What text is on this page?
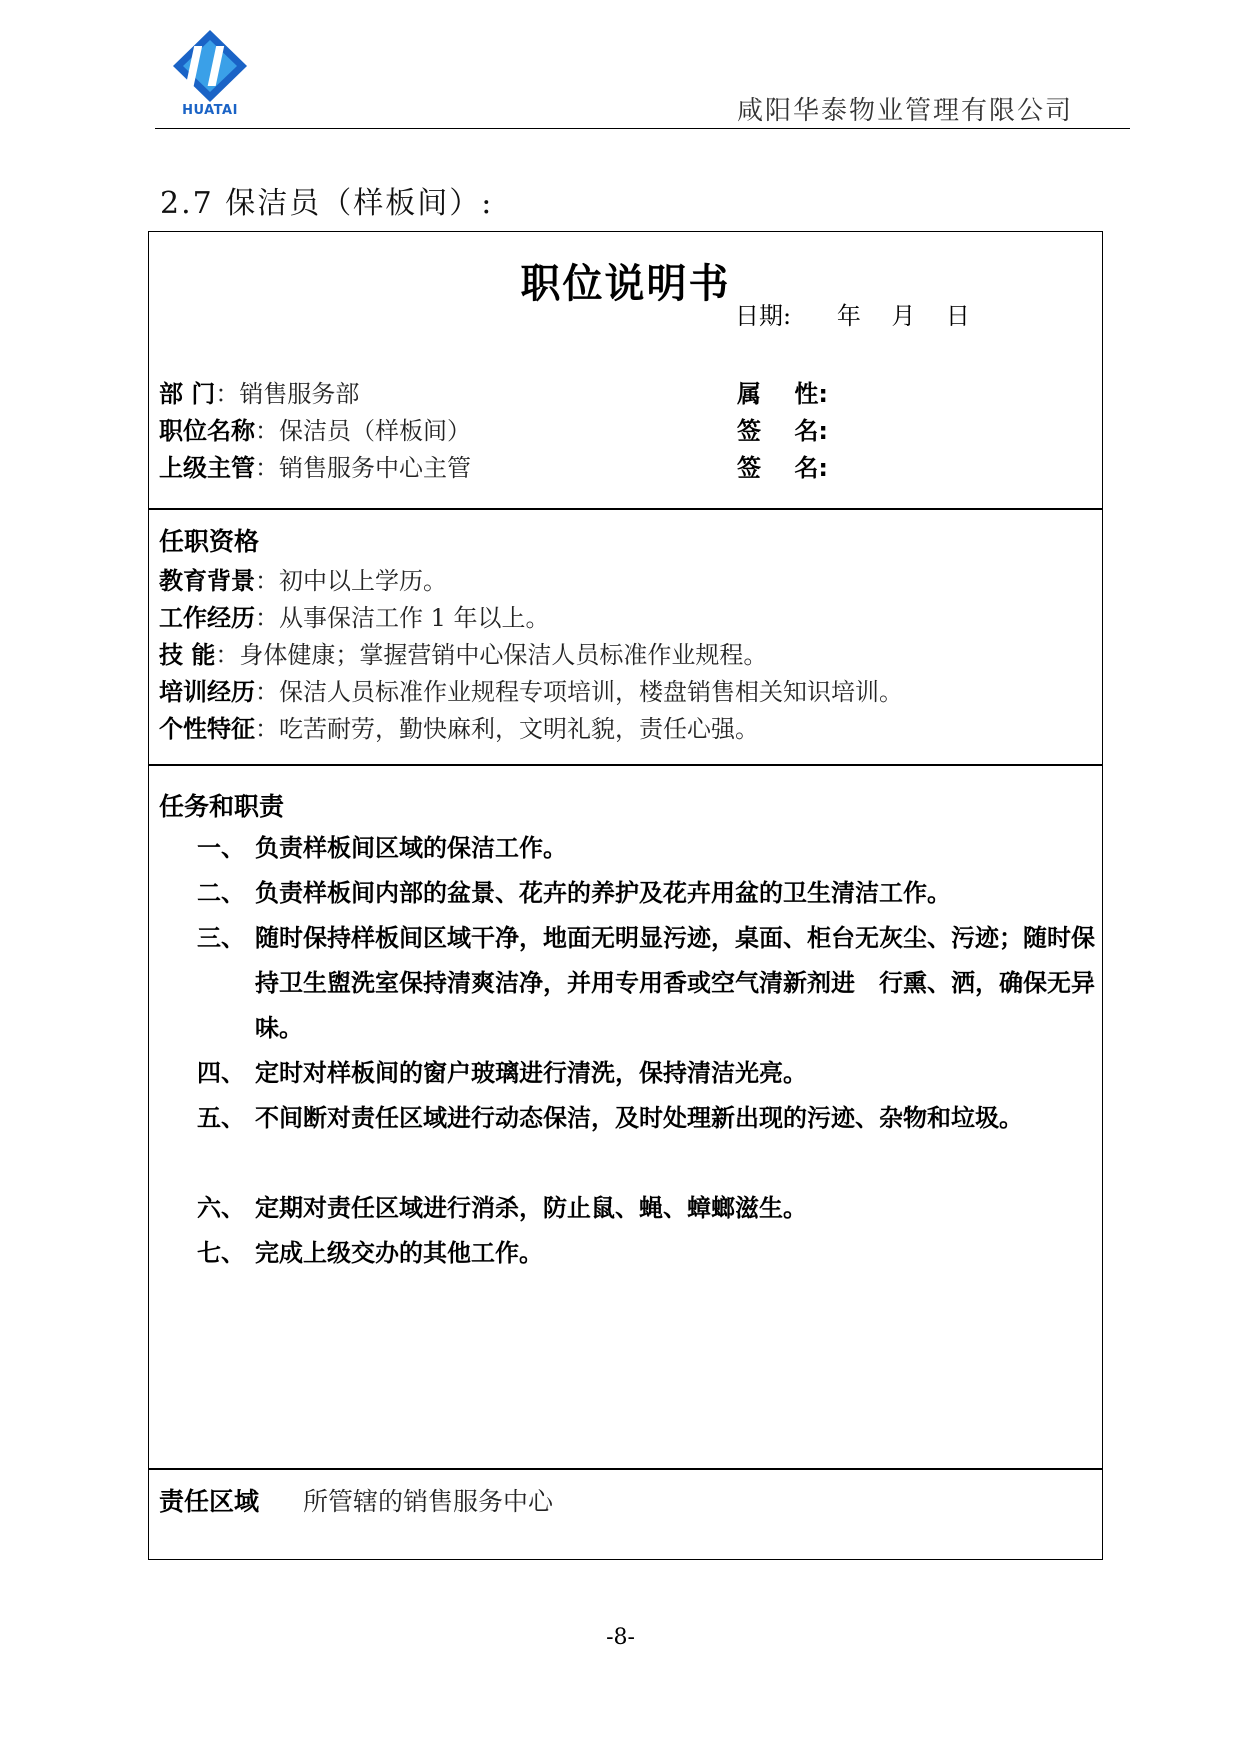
HUATAI	咸阳华泰物业管理有限公司
2.7 保洁员（样板间）:
职位说明书
日期:      年    月    日
部 门：销售服务部
职位名称：保洁员（样板间）
上级主管：销售服务中心主管
属    性:
签    名:
签    名:
任职资格
教育背景：初中以上学历。
工作经历：从事保洁工作 1 年以上。
技 能：身体健康；掌握营销中心保洁人员标准作业规程。
培训经历：保洁人员标准作业规程专项培训，楼盘销售相关知识培训。
个性特征：吃苦耐劳，勤快麻利，文明礼貌，责任心强。
任务和职责
一、 负责样板间区域的保洁工作。
二、 负责样板间内部的盆景、花卉的养护及花卉用盆的卫生清洁工作。
三、 随时保持样板间区域干净，地面无明显污迹，桌面、柜台无灰尘、污迹；随时保持卫生盥洗室保持清爽洁净，并用专用香或空气清新剂进　行熏、洒，确保无异味。
四、 定时对样板间的窗户玻璃进行清洗，保持清洁光亮。
五、 不间断对责任区域进行动态保洁，及时处理新出现的污迹、杂物和垃圾。
六、 定期对责任区域进行消杀，防止鼠、蝇、蟑螂滋生。
七、 完成上级交办的其他工作。
责任区域 所管辖的销售服务中心
-8-
